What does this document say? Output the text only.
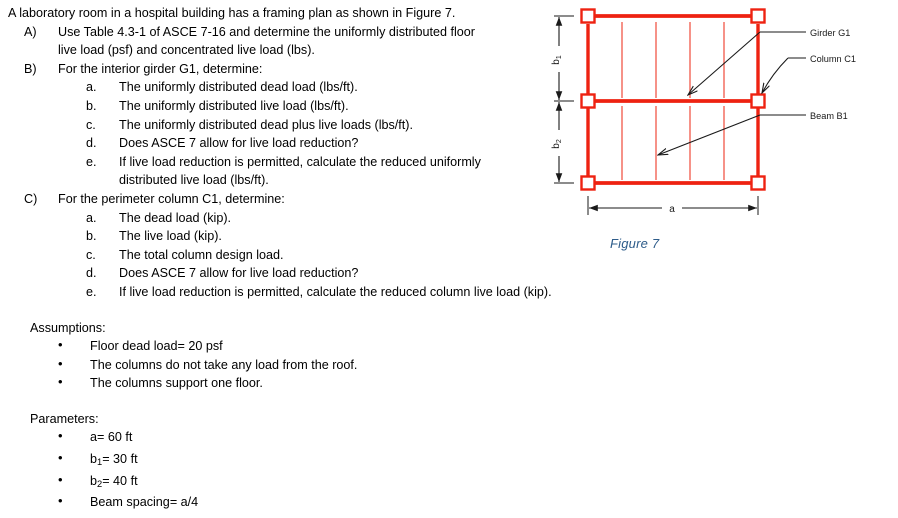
A laboratory room in a hospital building has a framing plan as shown in Figure 7.
A)	Use Table 4.3-1 of ASCE 7-16 and determine the uniformly distributed floor
live load (psf) and concentrated live load (lbs).
B)	For the interior girder G1, determine:
a.	The uniformly distributed dead load (lbs/ft).
b.	The uniformly distributed live load (lbs/ft).
c.	The uniformly distributed dead plus live loads (lbs/ft).
d.	Does ASCE 7 allow for live load reduction?
e.	If live load reduction is permitted, calculate the reduced uniformly
distributed live load (lbs/ft).
C)	For the perimeter column C1, determine:
a.	The dead load (kip).
b.	The live load (kip).
c.	The total column design load.
d.	Does ASCE 7 allow for live load reduction?
e.	If live load reduction is permitted, calculate the reduced column live load (kip).
Assumptions:
• Floor dead load= 20 psf
• The columns do not take any load from the roof.
• The columns support one floor.
Parameters:
• a= 60 ft
• $b_1= 30$ ft
• $b_2= 40$ ft
• Beam spacing= a/4
$b_1$
$b_2$
a
Girder G1
Column C1
Beam B1
Figure 7
